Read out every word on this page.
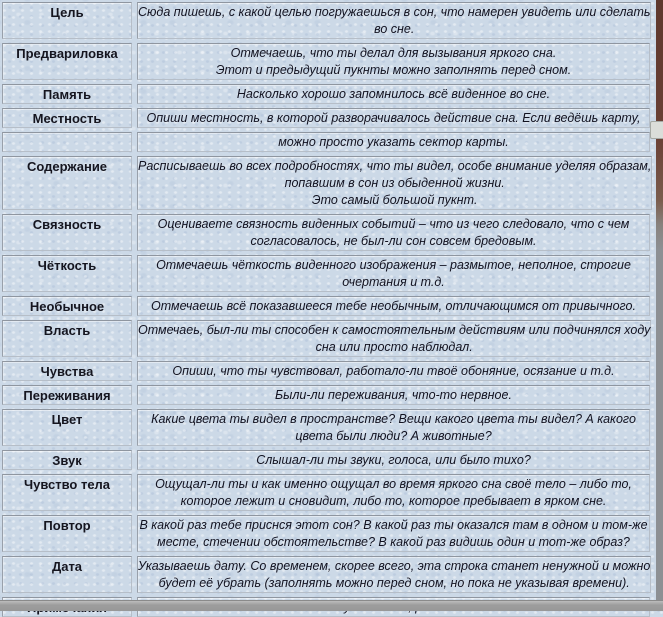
Цель	Сюда пишешь, с какой целью погружаешься в сон, что намерен увидеть или сделать
во сне.
Предвариловка	Отмечаешь, что ты делал для вызывания яркого сна.
Этот и предыдущий пукнты можно заполнять перед сном.
Память	Насколько хорошо запомнилось всё виденное во сне.
Местность	Опиши местность, в которой разворачивалось действие сна. Если ведёшь карту,
можно просто указать сектор карты.
Содержание	Расписываешь во всех подробностях, что ты видел, особе внимание уделяя образам,
попавшим в сон из обыденной жизни.
Это самый большой пукнт.
Связность	Оцениваете связность виденных событий – что из чего следовало, что с чем
согласовалось, не был-ли сон совсем бредовым.
Чёткость	Отмечаешь чёткость виденного изображения – размытое, неполное, строгие
очертания и т.д.
Необычное	Отмечаешь всё показавшееся тебе необычным, отличающимся от привычного.
Власть	Отмечаеь, был-ли ты способен к самостоятельным действиям или подчинялся ходу
сна или просто наблюдал.
Чувства	Опиши, что ты чувствовал, работало-ли твоё обоняние, осязание и т.д.
Переживания	Были-ли переживания, что-то нервное.
Цвет	Какие цвета ты видел в пространстве? Вещи какого цвета ты видел? А какого
цвета были люди? А животные?
Звук	Слышал-ли ты звуки, голоса, или было тихо?
Чувство тела	Ощущал-ли ты и как именно ощущал во время яркого сна своё тело – либо то,
которое лежит и сновидит, либо то, которое пребывает в ярком сне.
Повтор	В какой раз тебе приснся этот сон? В какой раз ты оказался там в одном и том-же
месте, стечении обстоятельстве? В какой раз видишь один и тот-же образ?
Дата	Указываешь дату. Со временем, скорее всего, эта строка станет ненужной и можно
будет её убрать (заполнять можно перед сном, но пока не указывая времени).
